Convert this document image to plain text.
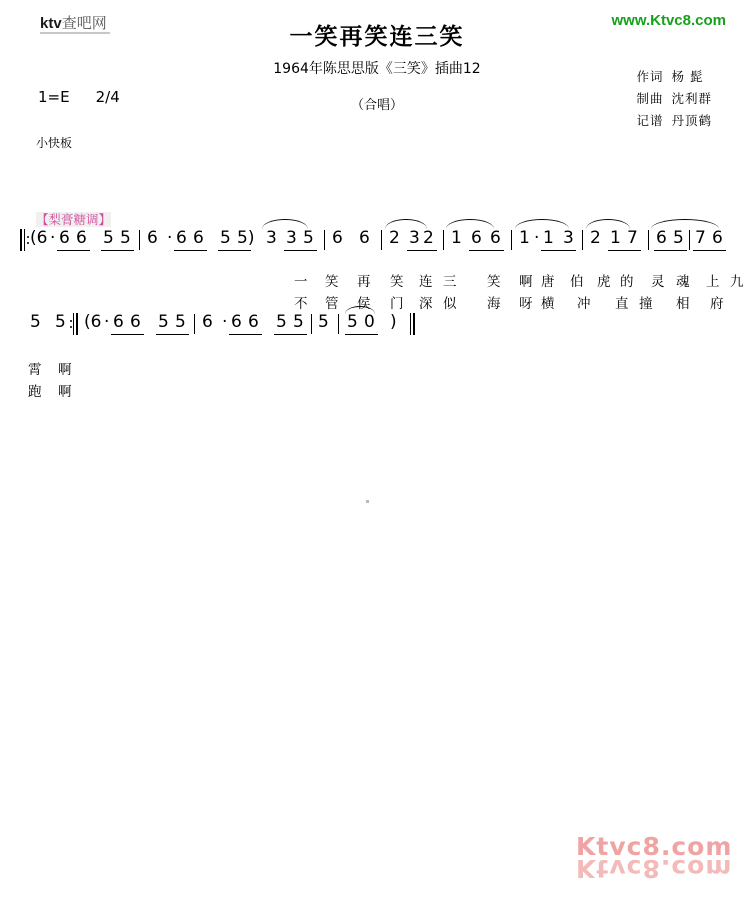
ktv查吧网	www.Ktvc8.com
一笑再笑连三笑
1964年陈思思版《三笑》插曲12
（合唱）
作词 杨 髭
制曲 沈利群
记谱 丹顶鹤
1=E 2/4
小快板
【梨膏糖调】
(6 · 6 6 5 5 6 · 6 6 5 5) 3 3 5 6 6 2 3 2 1 6 6 1 · 1 3 2 1 7 6 5 7 6
一 笑 再 笑 连 三 笑 啊 唐 伯 虎 的 灵 魂 上 九
不 管 侯 门 深 似 海 呀 横 冲 直 撞 相 府
5 5 (6 · 6 6 5 5 6 · 6 6 5 5 5 5 0 )
霄 啊
跑 啊
Ktvc8.com
Ktvc8.com
